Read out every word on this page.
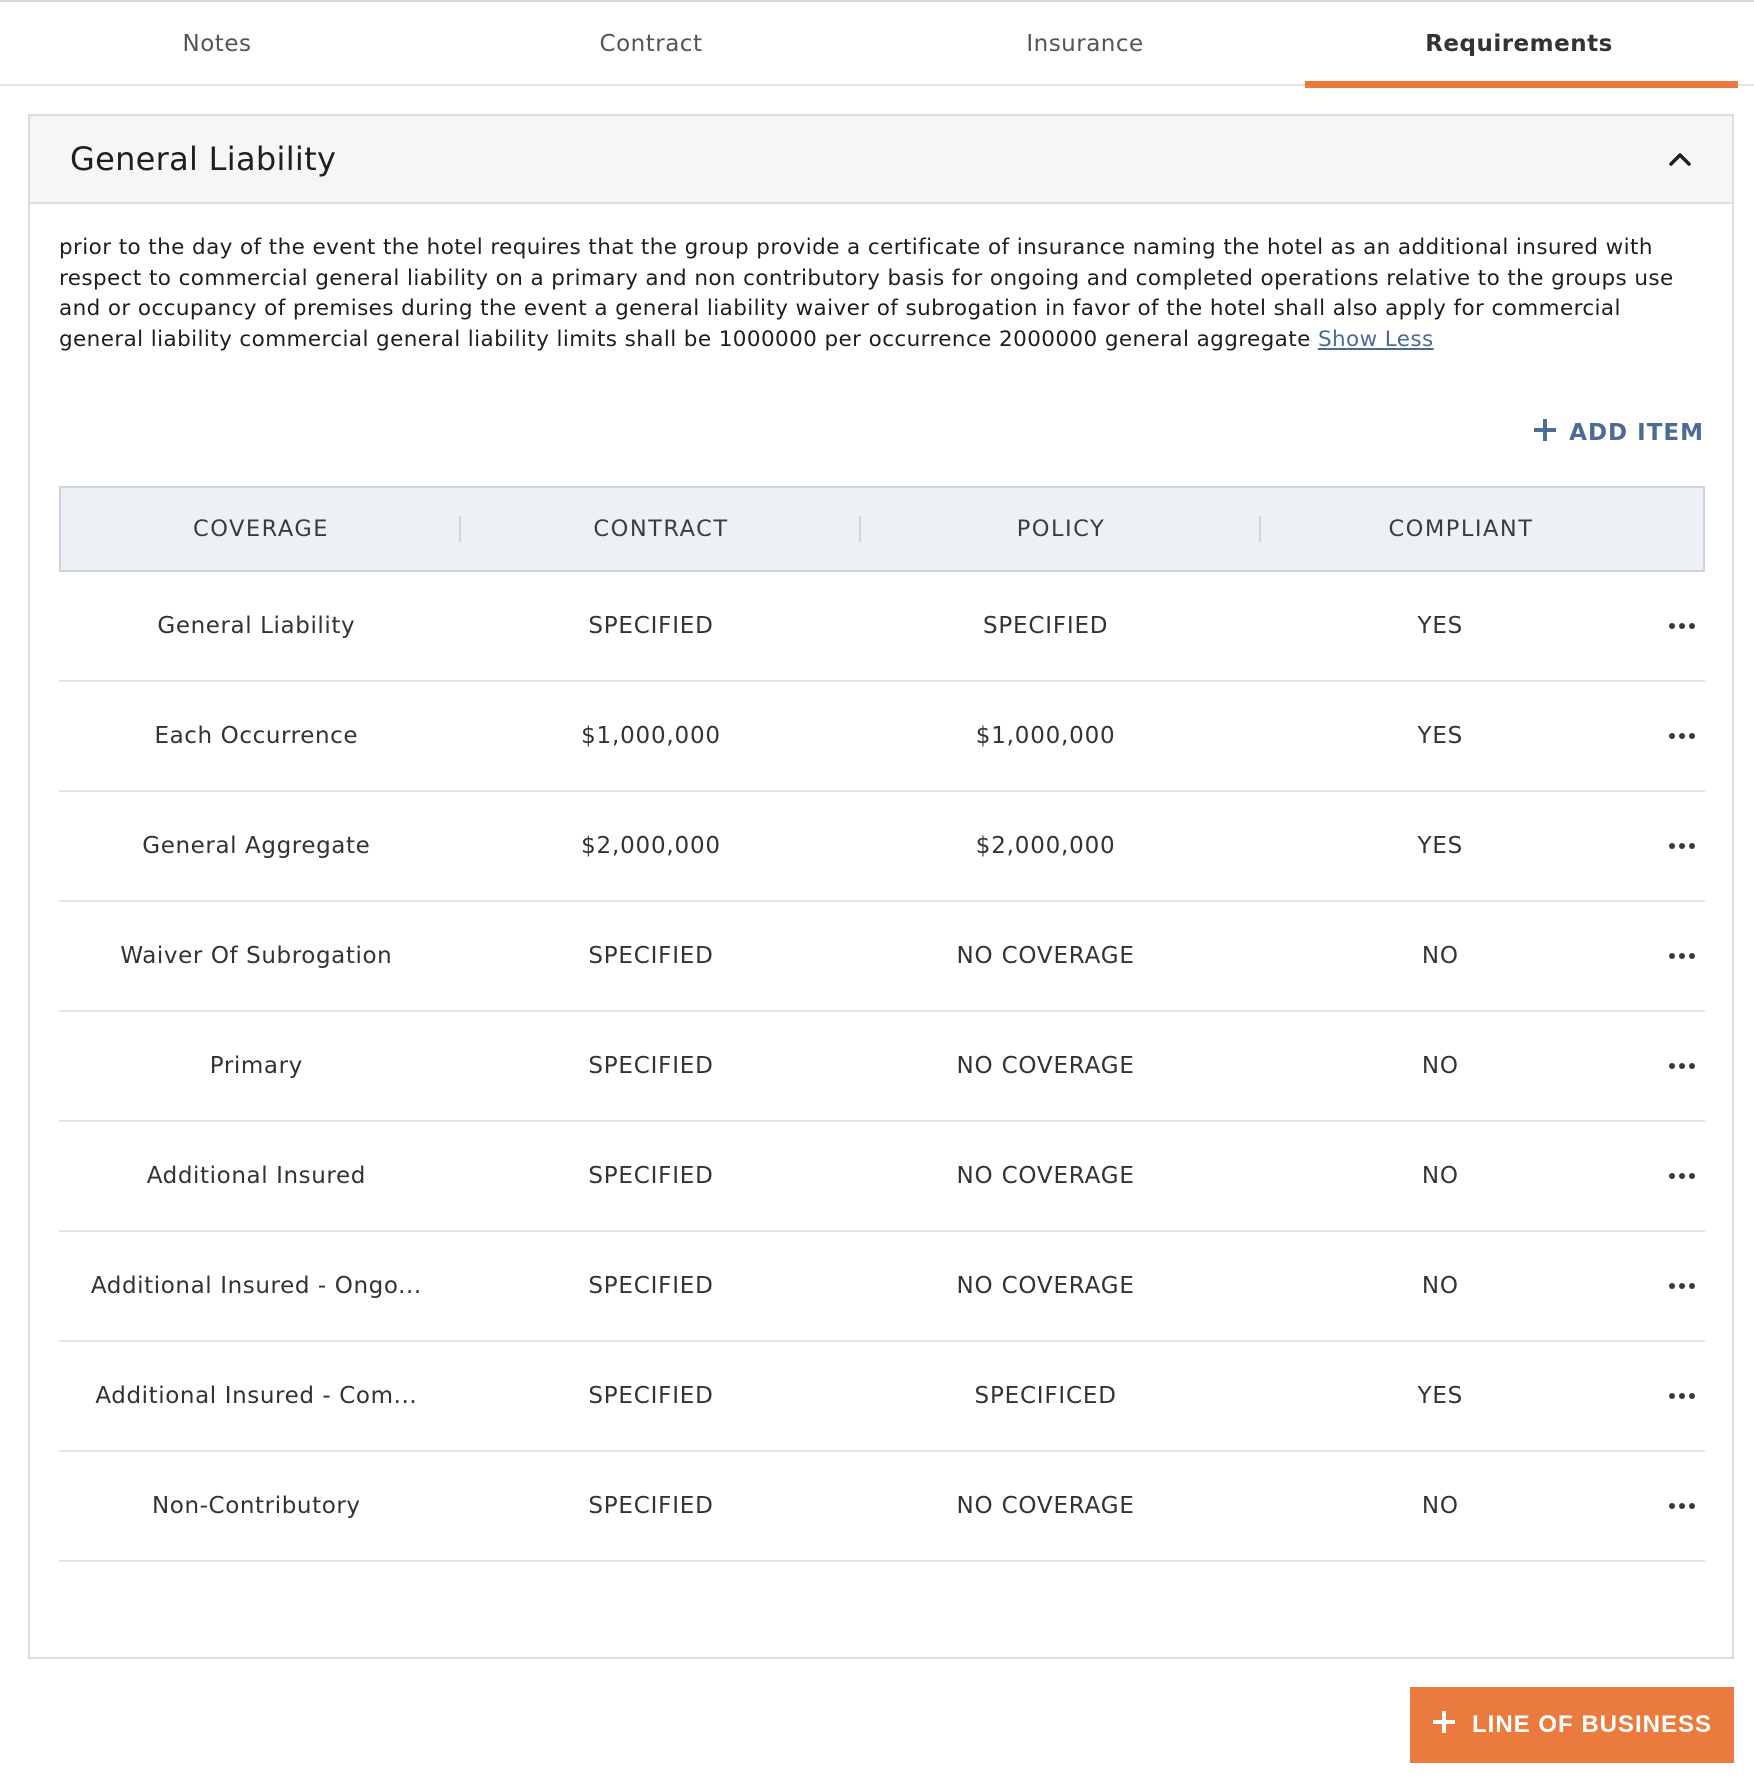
Notes	Contract	Insurance	Requirements
General Liability
prior to the day of the event the hotel requires that the group provide a certificate of insurance naming the hotel as an additional insured with respect to commercial general liability on a primary and non contributory basis for ongoing and completed operations relative to the groups use and or occupancy of premises during the event a general liability waiver of subrogation in favor of the hotel shall also apply for commercial general liability commercial general liability limits shall be 1000000 per occurrence 2000000 general aggregate Show Less
ADD ITEM
COVERAGE	CONTRACT	POLICY	COMPLIANT
General Liability	SPECIFIED	SPECIFIED	YES
Each Occurrence	$1,000,000	$1,000,000	YES
General Aggregate	$2,000,000	$2,000,000	YES
Waiver Of Subrogation	SPECIFIED	NO COVERAGE	NO
Primary	SPECIFIED	NO COVERAGE	NO
Additional Insured	SPECIFIED	NO COVERAGE	NO
Additional Insured - Ongo...	SPECIFIED	NO COVERAGE	NO
Additional Insured - Com...	SPECIFIED	SPECIFICED	YES
Non-Contributory	SPECIFIED	NO COVERAGE	NO
LINE OF BUSINESS
